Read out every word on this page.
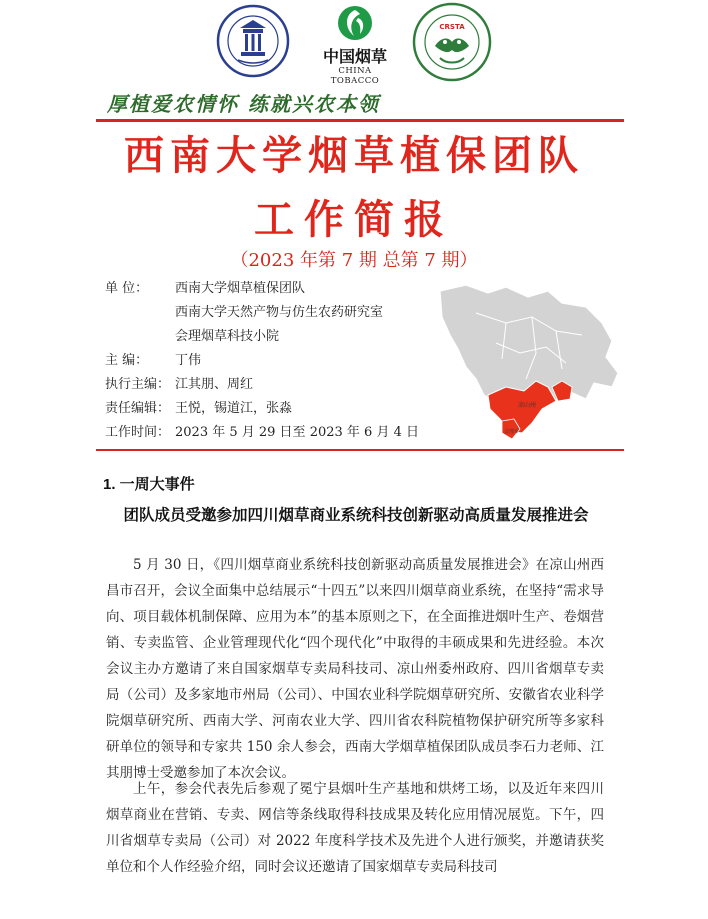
中国烟草
CHINA TOBACCO
CRSTA
厚植爱农情怀 练就兴农本领
西南大学烟草植保团队
工作简报
（2023 年第 7 期 总第 7 期）
单 位： 西南大学烟草植保团队
西南大学天然产物与仿生农药研究室
会理烟草科技小院
主 编： 丁伟
执行主编： 江其朋、周红
责任编辑： 王悦，锡道江，张淼
工作时间： 2023 年 5 月 29 日至 2023 年 6 月 4 日
凉山州
会理市
1. 一周大事件
团队成员受邀参加四川烟草商业系统科技创新驱动高质量发展推进会

5 月 30 日，《四川烟草商业系统科技创新驱动高质量发展推进会》在凉山州西昌市召开，会议全面集中总结展示“十四五”以来四川烟草商业系统，在坚持“需求导向、项目载体机制保障、应用为本”的基本原则之下，在全面推进烟叶生产、卷烟营销、专卖监管、企业管理现代化“四个现代化”中取得的丰硕成果和先进经验。本次会议主办方邀请了来自国家烟草专卖局科技司、凉山州委州政府、四川省烟草专卖局（公司）及多家地市州局（公司）、中国农业科学院烟草研究所、安徽省农业科学院烟草研究所、西南大学、河南农业大学、四川省农科院植物保护研究所等多家科研单位的领导和专家共 150 余人参会，西南大学烟草植保团队成员李石力老师、江其朋博士受邀参加了本次会议。

上午，参会代表先后参观了冕宁县烟叶生产基地和烘烤工场，以及近年来四川烟草商业在营销、专卖、网信等条线取得科技成果及转化应用情况展览。下午，四川省烟草专卖局（公司）对 2022 年度科学技术及先进个人进行颁奖，并邀请获奖单位和个人作经验介绍，同时会议还邀请了国家烟草专卖局科技司
